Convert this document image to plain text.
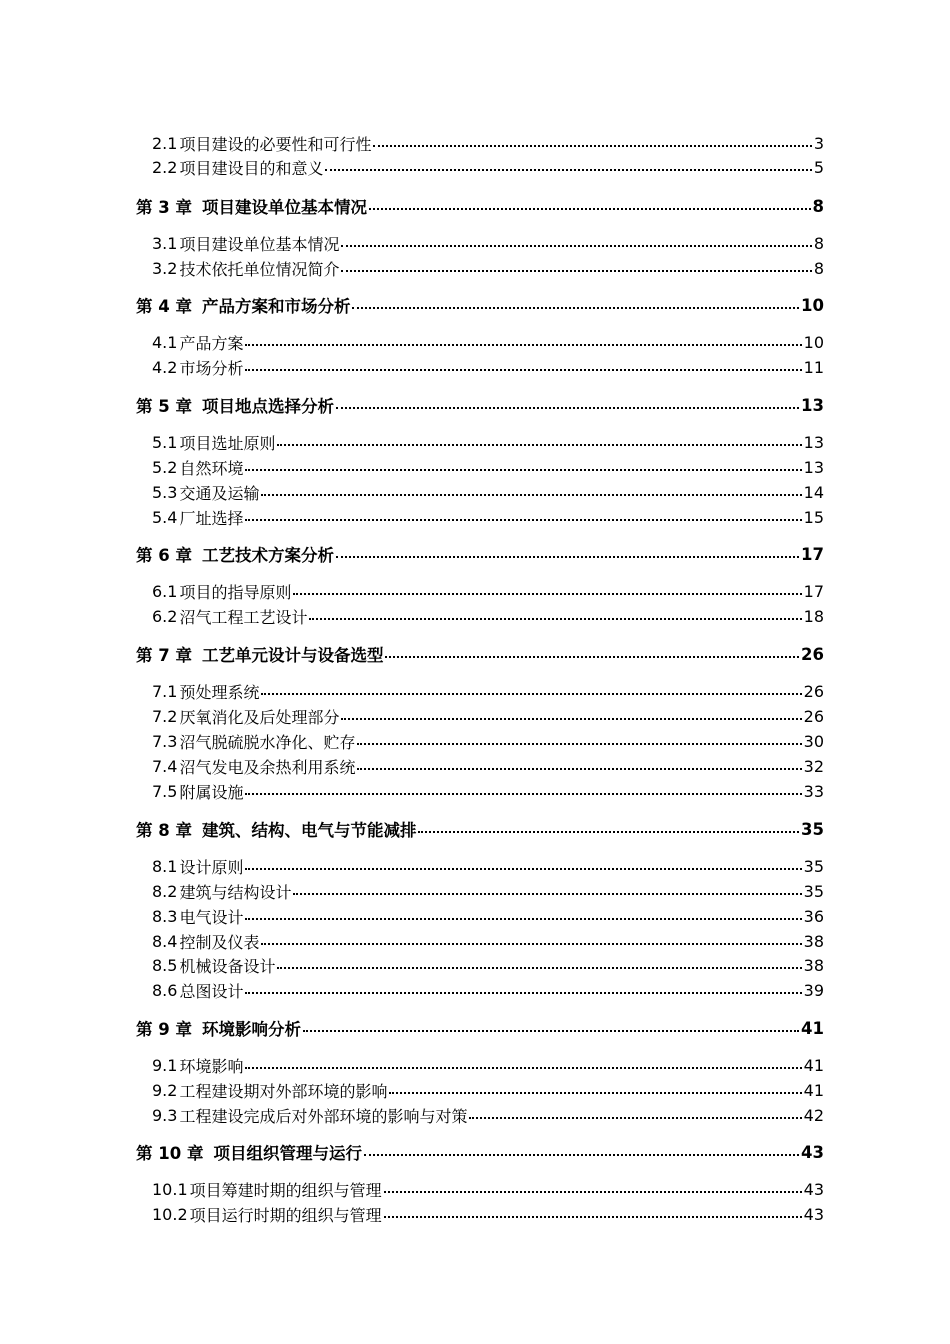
2.1 项目建设的必要性和可行性	3
2.2 项目建设目的和意义	5
第 3 章 项目建设单位基本情况	8
3.1 项目建设单位基本情况	8
3.2 技术依托单位情况简介	8
第 4 章 产品方案和市场分析	10
4.1 产品方案	10
4.2 市场分析	11
第 5 章 项目地点选择分析	13
5.1 项目选址原则	13
5.2 自然环境	13
5.3 交通及运输	14
5.4 厂址选择	15
第 6 章 工艺技术方案分析	17
6.1 项目的指导原则	17
6.2 沼气工程工艺设计	18
第 7 章 工艺单元设计与设备选型	26
7.1 预处理系统	26
7.2 厌氧消化及后处理部分	26
7.3 沼气脱硫脱水净化、贮存	30
7.4 沼气发电及余热利用系统	32
7.5 附属设施	33
第 8 章 建筑、结构、电气与节能减排	35
8.1 设计原则	35
8.2 建筑与结构设计	35
8.3 电气设计	36
8.4 控制及仪表	38
8.5 机械设备设计	38
8.6 总图设计	39
第 9 章 环境影响分析	41
9.1 环境影响	41
9.2 工程建设期对外部环境的影响	41
9.3 工程建设完成后对外部环境的影响与对策	42
第 10 章 项目组织管理与运行	43
10.1 项目筹建时期的组织与管理	43
10.2 项目运行时期的组织与管理	43
